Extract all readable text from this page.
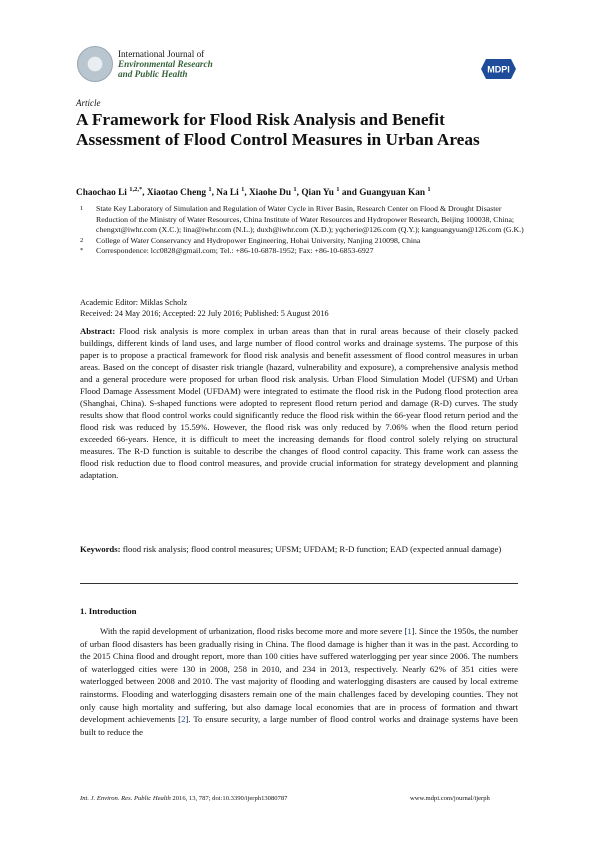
International Journal of
Environmental Research
and Public Health	MDPI
Article
A Framework for Flood Risk Analysis and Benefit Assessment of Flood Control Measures in Urban Areas
Chaochao Li $^{1,2,*}$, Xiaotao Cheng $^1$, Na Li $^1$, Xiaohe Du $^1$, Qian Yu $^1$ and Guangyuan Kan $^1$
1 State Key Laboratory of Simulation and Regulation of Water Cycle in River Basin, Research Center on Flood & Drought Disaster Reduction of the Ministry of Water Resources, China Institute of Water Resources and Hydropower Research, Beijing 100038, China; chengxt@iwhr.com (X.C.); lina@iwhr.com (N.L.); duxh@iwhr.com (X.D.); yqcherie@126.com (Q.Y.); kanguangyuan@126.com (G.K.)
2 College of Water Conservancy and Hydropower Engineering, Hohai University, Nanjing 210098, China
* Correspondence: lcc0828@gmail.com; Tel.: +86-10-6878-1952; Fax: +86-10-6853-6927
Academic Editor: Miklas Scholz
Received: 24 May 2016; Accepted: 22 July 2016; Published: 5 August 2016
Abstract: Flood risk analysis is more complex in urban areas than that in rural areas because of their closely packed buildings, different kinds of land uses, and large number of flood control works and drainage systems. The purpose of this paper is to propose a practical framework for flood risk analysis and benefit assessment of flood control measures in urban areas. Based on the concept of disaster risk triangle (hazard, vulnerability and exposure), a comprehensive analysis method and a general procedure were proposed for urban flood risk analysis. Urban Flood Simulation Model (UFSM) and Urban Flood Damage Assessment Model (UFDAM) were integrated to estimate the flood risk in the Pudong flood protection area (Shanghai, China). S-shaped functions were adopted to represent flood return period and damage (R-D) curves. The study results show that flood control works could significantly reduce the flood risk within the 66-year flood return period and the flood risk was reduced by 15.59%. However, the flood risk was only reduced by 7.06% when the flood return period exceeded 66-years. Hence, it is difficult to meet the increasing demands for flood control solely relying on structural measures. The R-D function is suitable to describe the changes of flood control capacity. This frame work can assess the flood risk reduction due to flood control measures, and provide crucial information for strategy development and planning adaptation.
Keywords: flood risk analysis; flood control measures; UFSM; UFDAM; R-D function; EAD (expected annual damage)
1. Introduction
With the rapid development of urbanization, flood risks become more and more severe [1]. Since the 1950s, the number of urban flood disasters has been gradually rising in China. The flood damage is higher than it was in the past. According to the 2015 China flood and drought report, more than 100 cities have suffered waterlogging per year since 2006. The numbers of waterlogged cities were 130 in 2008, 258 in 2010, and 234 in 2013, respectively. Nearly 62% of 351 cities were waterlogged between 2008 and 2010. The vast majority of flooding and waterlogging disasters are caused by local extreme rainstorms. Flooding and waterlogging disasters remain one of the main challenges faced by developing counties. They not only cause high mortality and suffering, but also damage local economies that are in process of formation and thwart development achievements [2]. To ensure security, a large number of flood control works and drainage systems have been built to reduce the
Int. J. Environ. Res. Public Health 2016, 13, 787; doi:10.3390/ijerph13080787	www.mdpi.com/journal/ijerph
